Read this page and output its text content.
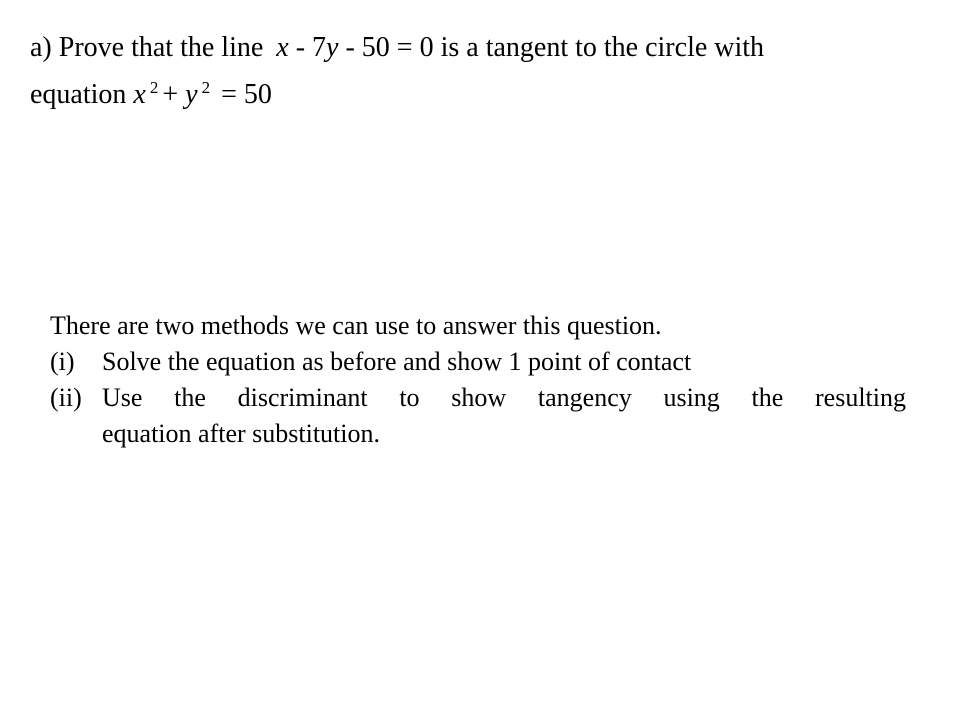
a) Prove that the line x - 7y - 50 = 0 is a tangent to the circle with
equation x $^2$ + y $^2$ = 50

There are two methods we can use to answer this question.
(i)	Solve the equation as before and show 1 point of contact
(ii) Use the discriminant to show tangency using the resulting
equation after substitution.
